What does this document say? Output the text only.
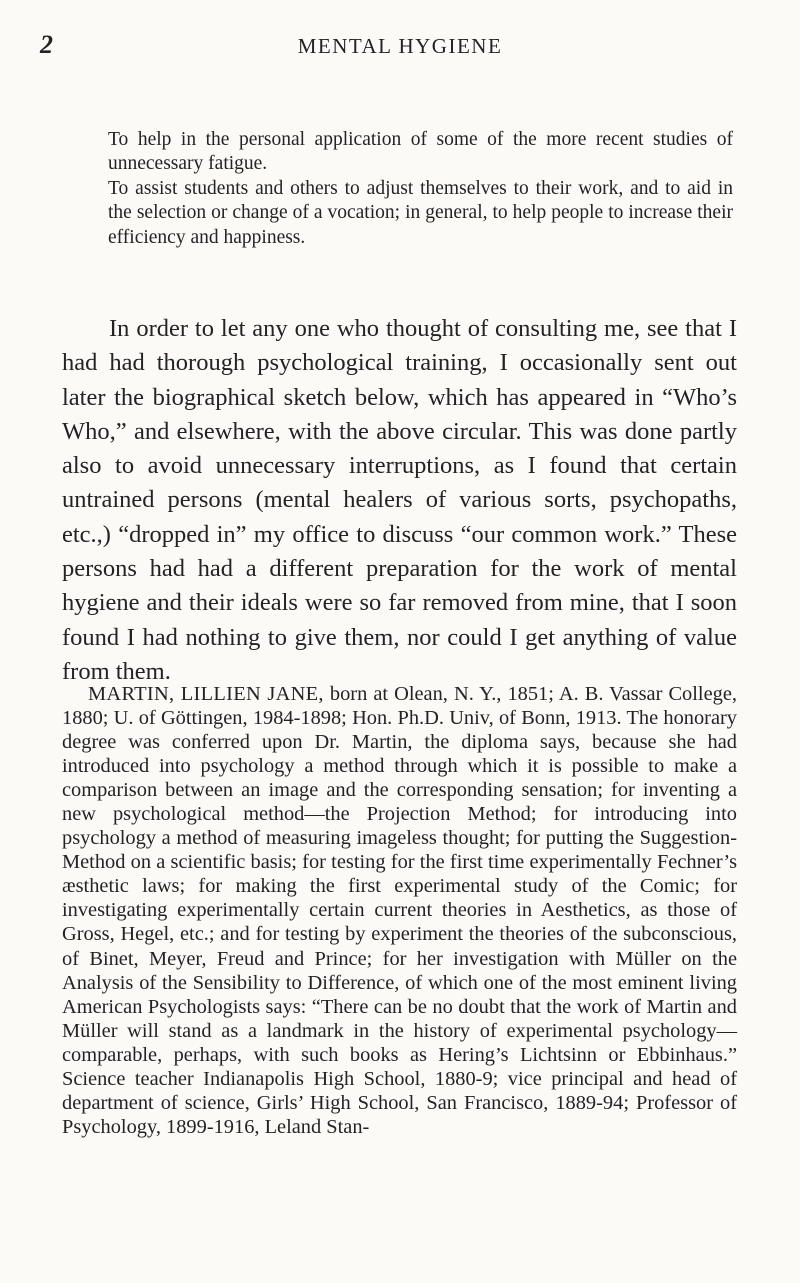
2	MENTAL HYGIENE

To help in the personal application of some of the more recent studies of unnecessary fatigue.

To assist students and others to adjust themselves to their work, and to aid in the selection or change of a vocation; in general, to help people to increase their efficiency and happiness.

In order to let any one who thought of consulting me, see that I had had thorough psychological training, I occasionally sent out later the biographical sketch below, which has appeared in “Who’s Who,” and elsewhere, with the above circular. This was done partly also to avoid unnecessary interruptions, as I found that certain untrained persons (mental healers of various sorts, psychopaths, etc.,) “dropped in” my office to discuss “our common work.” These persons had had a different preparation for the work of mental hygiene and their ideals were so far removed from mine, that I soon found I had nothing to give them, nor could I get anything of value from them.

MARTIN, LILLIEN JANE, born at Olean, N. Y., 1851; A. B. Vassar College, 1880; U. of Göttingen, 1984-1898; Hon. Ph.D. Univ, of Bonn, 1913. The honorary degree was conferred upon Dr. Martin, the diploma says, because she had introduced into psychology a method through which it is possible to make a comparison between an image and the corresponding sensation; for inventing a new psychological method—the Projection Method; for introducing into psychology a method of measuring imageless thought; for putting the Suggestion-Method on a scientific basis; for testing for the first time experimentally Fechner’s æsthetic laws; for making the first experimental study of the Comic; for investigating experimentally certain current theories in Aesthetics, as those of Gross, Hegel, etc.; and for testing by experiment the theories of the subconscious, of Binet, Meyer, Freud and Prince; for her investigation with Müller on the Analysis of the Sensibility to Difference, of which one of the most eminent living American Psychologists says: “There can be no doubt that the work of Martin and Müller will stand as a landmark in the history of experimental psychology—comparable, perhaps, with such books as Hering’s Lichtsinn or Ebbinhaus.” Science teacher Indianapolis High School, 1880-9; vice principal and head of department of science, Girls’ High School, San Francisco, 1889-94; Professor of Psychology, 1899-1916, Leland Stan-
